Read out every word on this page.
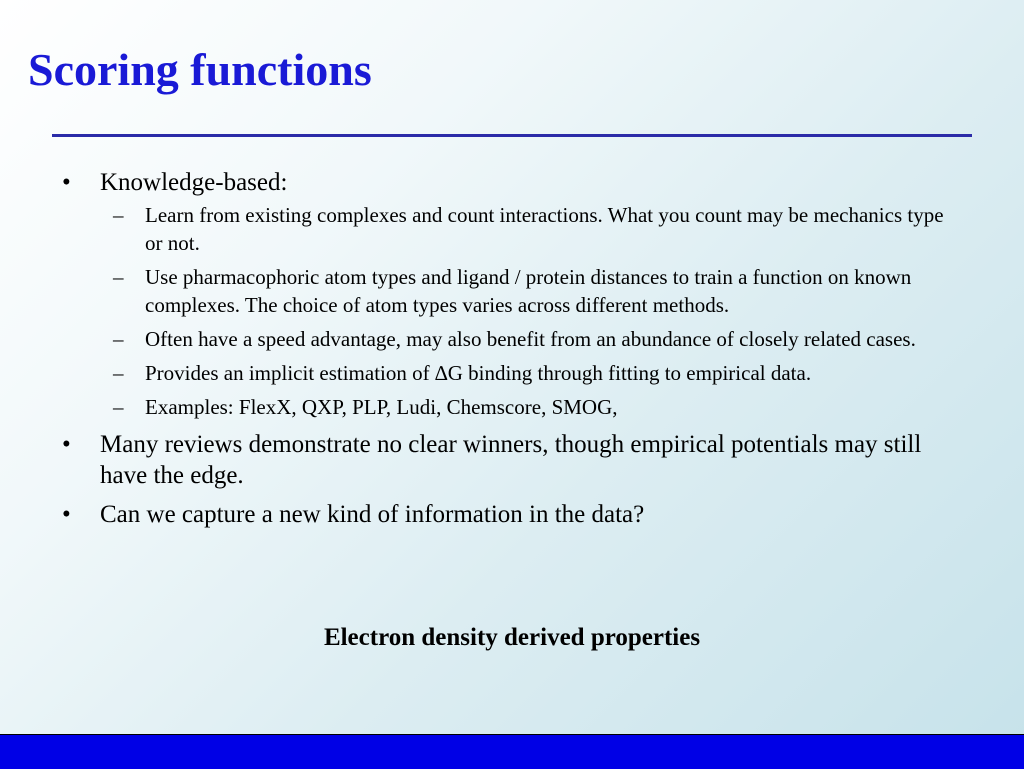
Scoring functions
• Knowledge-based:
– Learn from existing complexes and count interactions. What you count may be mechanics type or not.
– Use pharmacophoric atom types and ligand / protein distances to train a function on known complexes. The choice of atom types varies across different methods.
– Often have a speed advantage, may also benefit from an abundance of closely related cases.
– Provides an implicit estimation of ∆G binding through fitting to empirical data.
– Examples: FlexX, QXP, PLP, Ludi, Chemscore, SMOG,
• Many reviews demonstrate no clear winners, though empirical potentials may still have the edge.
• Can we capture a new kind of information in the data?
Electron density derived properties
